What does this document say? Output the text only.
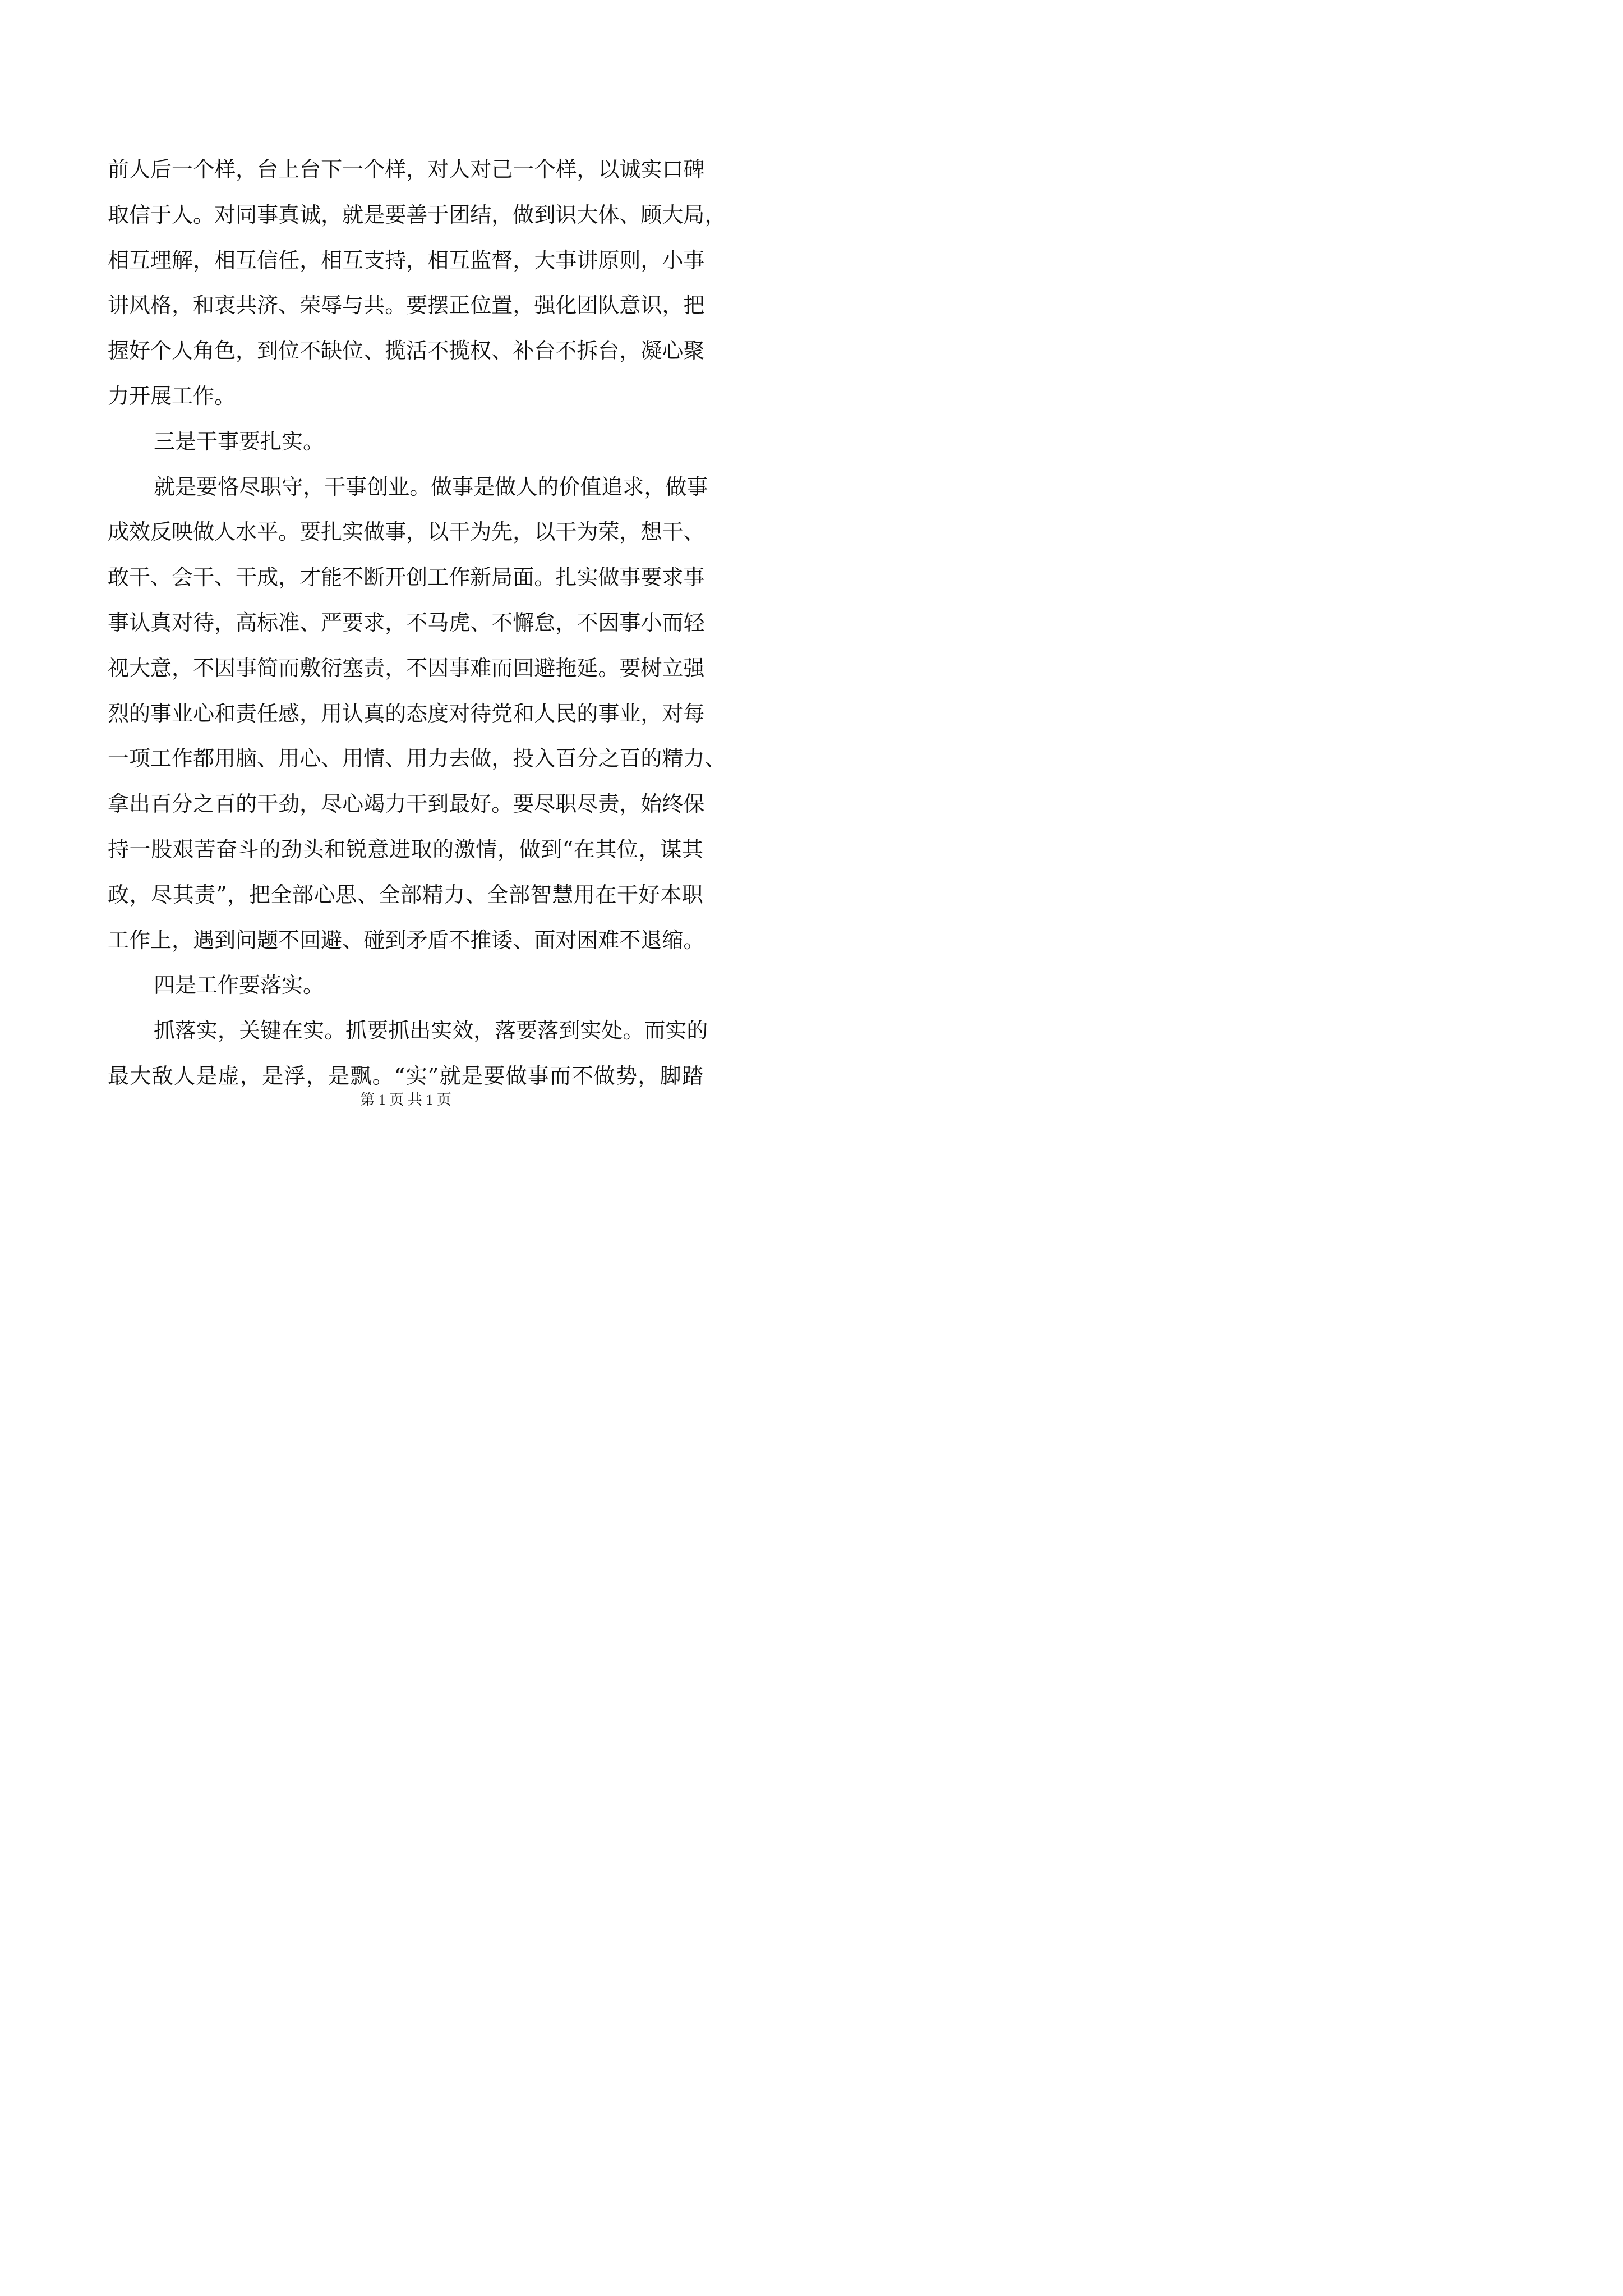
前 人 后 一 个 样 ， 台 上 台 下 一 个 样 ， 对 人 对 己 一 个 样 ， 以 诚 实 口 碑
取 信 于 人 。 对 同 事 真 诚 ， 就 是 要 善 于 团 结 ， 做 到 识 大 体 、 顾 大 局 ，
相 互 理 解 ， 相 互 信 任 ， 相 互 支 持 ， 相 互 监 督 ， 大 事 讲 原 则 ， 小 事
讲 风 格 ， 和 衷 共 济 、 荣 辱 与 共 。 要 摆 正 位 置 ， 强 化 团 队 意 识 ， 把
握 好 个 人 角 色 ， 到 位 不 缺 位 、 揽 活 不 揽 权 、 补 台 不 拆 台 ， 凝 心 聚
力开展工作。
三是干事要扎实。
就 是 要 恪 尽 职 守 ， 干 事 创 业 。 做 事 是 做 人 的 价 值 追 求 ， 做 事
成 效 反 映 做 人 水 平 。 要 扎 实 做 事 ， 以 干 为 先 ， 以 干 为 荣 ， 想 干 、
敢 干 、 会 干 、 干 成 ， 才 能 不 断 开 创 工 作 新 局 面 。 扎 实 做 事 要 求 事
事 认 真 对 待 ， 高 标 准 、 严 要 求 ， 不 马 虎 、 不 懈 怠 ， 不 因 事 小 而 轻
视 大 意 ， 不 因 事 简 而 敷 衍 塞 责 ， 不 因 事 难 而 回 避 拖 延 。 要 树 立 强
烈 的 事 业 心 和 责 任 感 ， 用 认 真 的 态 度 对 待 党 和 人 民 的 事 业 ， 对 每
一 项 工 作 都 用 脑 、 用 心 、 用 情 、 用 力 去 做 ， 投 入 百 分 之 百 的 精 力 、
拿 出 百 分 之 百 的 干 劲 ， 尽 心 竭 力 干 到 最 好 。 要 尽 职 尽 责 ， 始 终 保
持 一 股 艰 苦 奋 斗 的 劲 头 和 锐 意 进 取 的 激 情 ， 做 到 “ 在 其 位 ， 谋 其
政 ， 尽 其 责 ” ， 把 全 部 心 思 、 全 部 精 力 、 全 部 智 慧 用 在 干 好 本 职
工 作 上 ， 遇 到 问 题 不 回 避 、 碰 到 矛 盾 不 推 诿 、 面 对 困 难 不 退 缩 。
四是工作要落实。
抓 落 实 ， 关 键 在 实 。 抓 要 抓 出 实 效 ， 落 要 落 到 实 处 。 而 实 的
最 大 敌 人 是 虚 ， 是 浮 ， 是 飘 。 “ 实 ” 就 是 要 做 事 而 不 做 势 ， 脚 踏
第 1 页 共 1 页
